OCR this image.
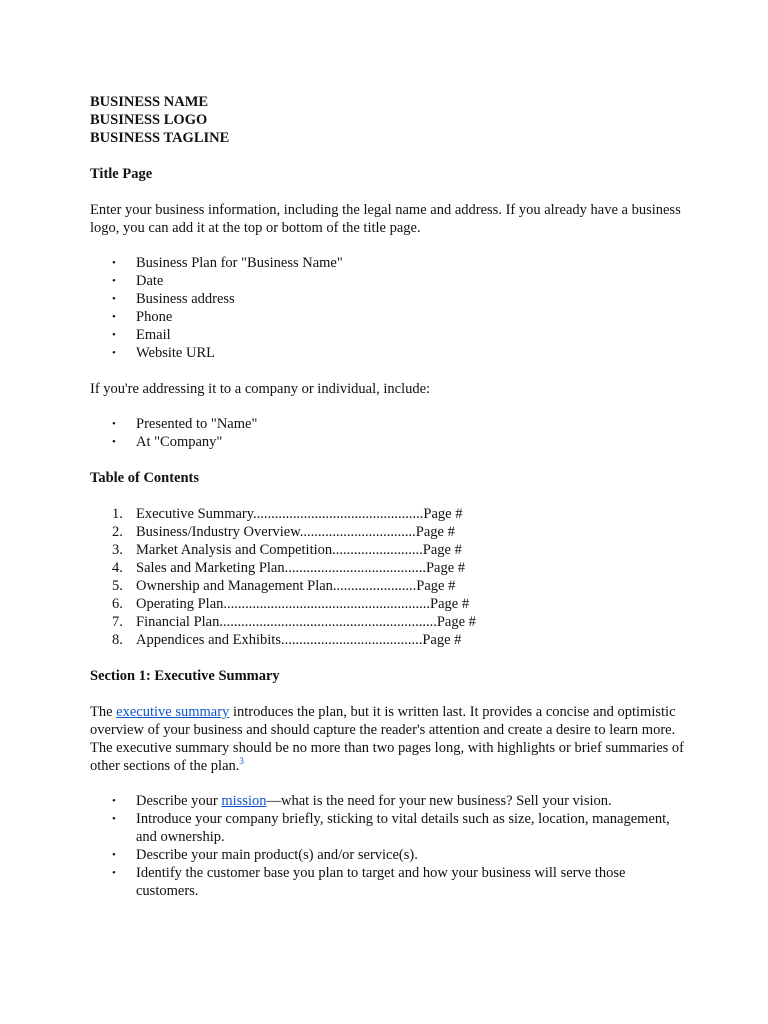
BUSINESS NAME
BUSINESS LOGO
BUSINESS TAGLINE
Title Page

Enter your business information, including the legal name and address. If you already have a business logo, you can add it at the top or bottom of the title page.

• Business Plan for "Business Name"
• Date
• Business address
• Phone
• Email
• Website URL

If you're addressing it to a company or individual, include:

• Presented to "Name"
• At "Company"
Table of Contents
1. Executive Summary...............................................Page #
2. Business/Industry Overview................................Page #
3. Market Analysis and Competition.........................Page #
4. Sales and Marketing Plan.......................................Page #
5. Ownership and Management Plan.......................Page #
6. Operating Plan.........................................................Page #
7. Financial Plan............................................................Page #
8. Appendices and Exhibits.......................................Page #
Section 1: Executive Summary

The executive summary introduces the plan, but it is written last. It provides a concise and optimistic overview of your business and should capture the reader's attention and create a desire to learn more. The executive summary should be no more than two pages long, with highlights or brief summaries of other sections of the plan.$^3$

• Describe your mission—what is the need for your new business? Sell your vision.
• Introduce your company briefly, sticking to vital details such as size, location, management, and ownership.
• Describe your main product(s) and/or service(s).
• Identify the customer base you plan to target and how your business will serve those customers.
